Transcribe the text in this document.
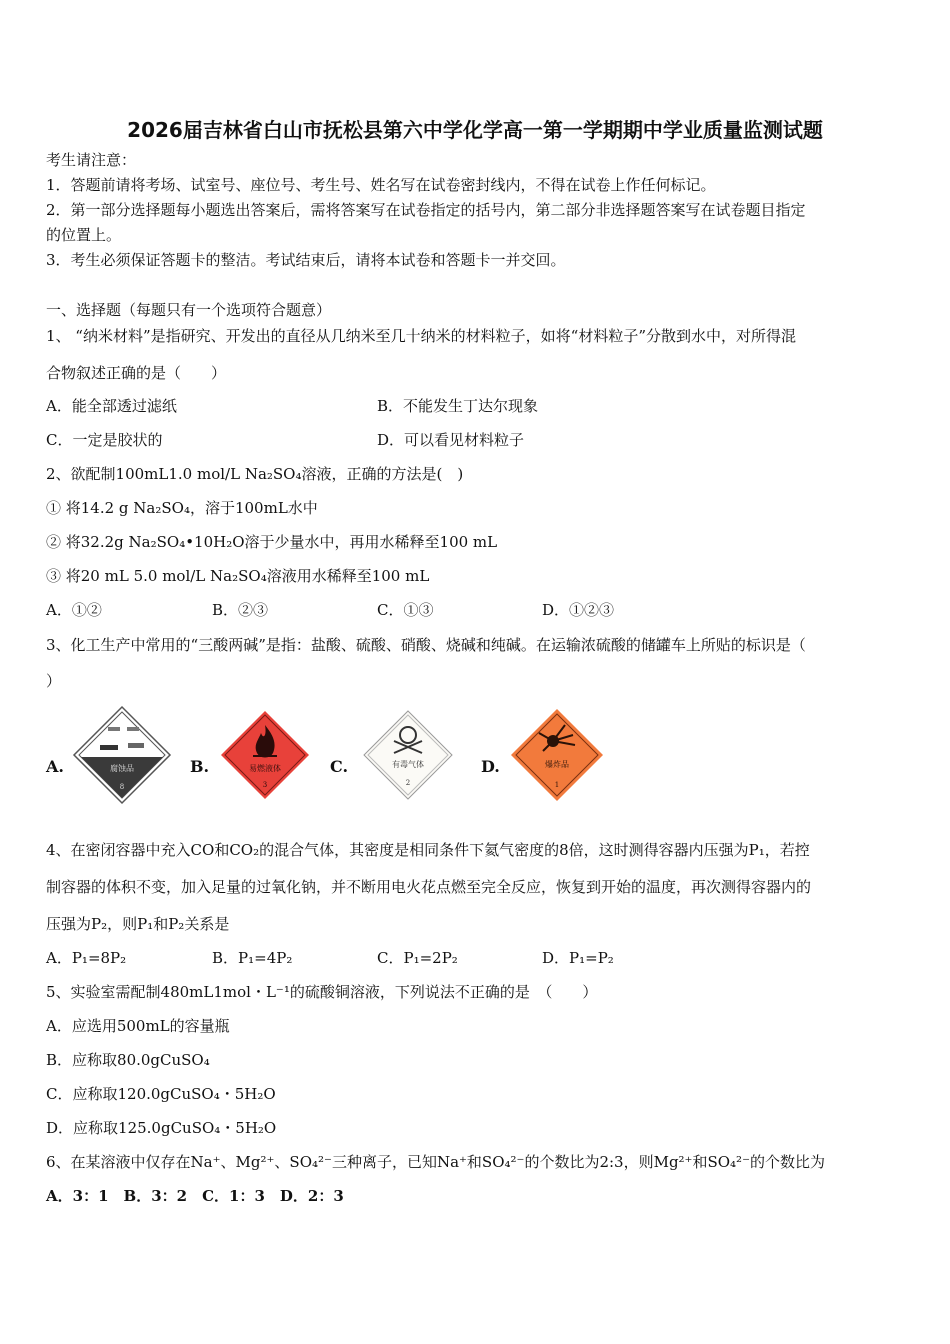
2026届吉林省白山市抚松县第六中学化学高一第一学期期中学业质量监测试题
考生请注意：
1．答题前请将考场、试室号、座位号、考生号、姓名写在试卷密封线内，不得在试卷上作任何标记。
2．第一部分选择题每小题选出答案后，需将答案写在试卷指定的括号内，第二部分非选择题答案写在试卷题目指定
的位置上。
3．考生必须保证答题卡的整洁。考试结束后，请将本试卷和答题卡一并交回。
一、选择题（每题只有一个选项符合题意）
1、 “纳米材料”是指研究、开发出的直径从几纳米至几十纳米的材料粒子，如将“材料粒子”分散到水中，对所得混
合物叙述正确的是（　　）
A．能全部透过滤纸	B．不能发生丁达尔现象
C．一定是胶状的	D．可以看见材料粒子
2、欲配制100mL1.0 mol/L Na₂SO₄溶液，正确的方法是(　)
① 将14.2 g Na₂SO₄，溶于100mL水中
② 将32.2g Na₂SO₄•10H₂O溶于少量水中，再用水稀释至100 mL
③ 将20 mL 5.0 mol/L Na₂SO₄溶液用水稀释至100 mL
A．①②	B．②③	C．①③	D．①②③
3、化工生产中常用的“三酸两碱”是指：盐酸、硫酸、硝酸、烧碱和纯碱。在运输浓硫酸的储罐车上所贴的标识是（
）
A.	B.	C.	D.
腐蚀品
8
易燃液体
3
有毒气体
2
爆炸品
1
4、在密闭容器中充入CO和CO₂的混合气体，其密度是相同条件下氦气密度的8倍，这时测得容器内压强为P₁，若控
制容器的体积不变，加入足量的过氧化钠，并不断用电火花点燃至完全反应，恢复到开始的温度，再次测得容器内的
压强为P₂，则P₁和P₂关系是
A．P₁=8P₂	B．P₁=4P₂	C．P₁=2P₂	D．P₁=P₂
5、实验室需配制480mL1mol・L⁻¹的硫酸铜溶液，下列说法不正确的是　（　　）
A．应选用500mL的容量瓶
B．应称取80.0gCuSO₄
C．应称取120.0gCuSO₄・5H₂O
D．应称取125.0gCuSO₄・5H₂O
6、在某溶液中仅存在Na⁺、Mg²⁺、SO₄²⁻三种离子，已知Na⁺和SO₄²⁻的个数比为2:3，则Mg²⁺和SO₄²⁻的个数比为
A．3：1　B．3：2　C．1：3　D．2：3
